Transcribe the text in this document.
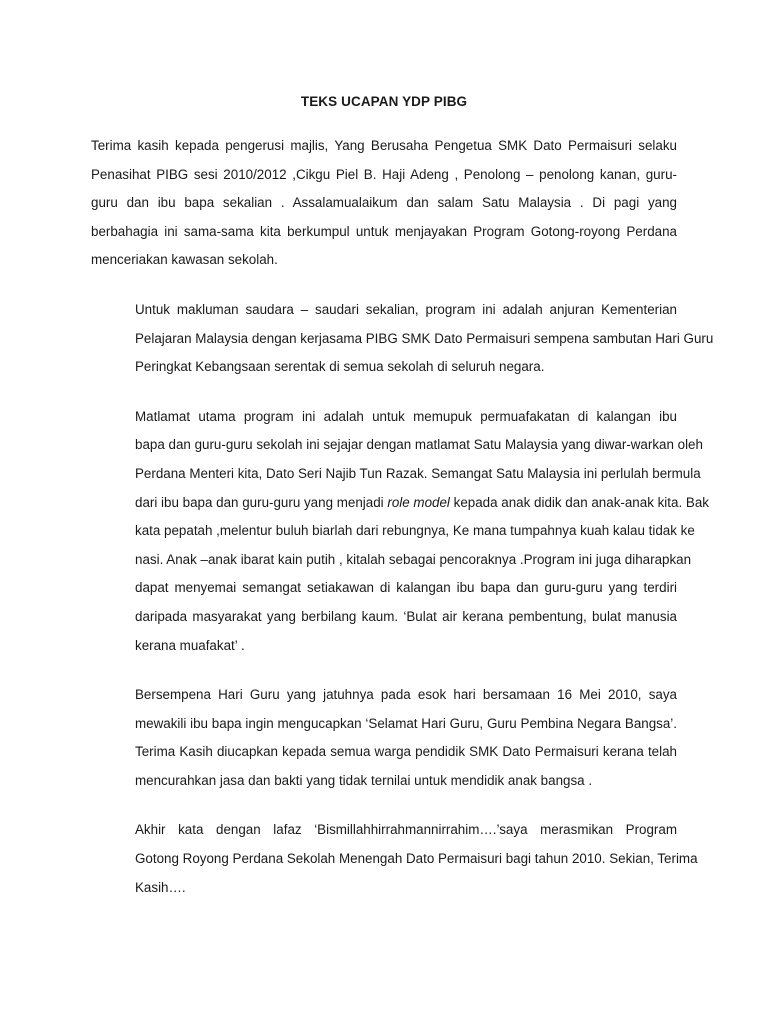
TEKS UCAPAN YDP PIBG
Terima kasih kepada pengerusi majlis, Yang Berusaha Pengetua SMK Dato Permaisuri selaku
Penasihat PIBG sesi 2010/2012 ,Cikgu Piel B. Haji Adeng , Penolong – penolong kanan, guru-
guru dan ibu bapa sekalian . Assalamualaikum dan salam Satu Malaysia . Di pagi yang
berbahagia ini sama-sama kita berkumpul untuk menjayakan Program Gotong-royong Perdana
menceriakan kawasan sekolah.
Untuk makluman saudara – saudari sekalian, program ini adalah anjuran Kementerian
Pelajaran Malaysia dengan kerjasama PIBG SMK Dato Permaisuri sempena sambutan Hari Guru
Peringkat Kebangsaan serentak di semua sekolah di seluruh negara.
Matlamat utama program ini adalah untuk memupuk permuafakatan di kalangan ibu
bapa dan guru-guru sekolah ini sejajar dengan matlamat Satu Malaysia yang diwar-warkan oleh
Perdana Menteri kita, Dato Seri Najib Tun Razak. Semangat Satu Malaysia ini perlulah bermula
dari ibu bapa dan guru-guru yang menjadi role model kepada anak didik dan anak-anak kita. Bak
kata pepatah ,melentur buluh biarlah dari rebungnya, Ke mana tumpahnya kuah kalau tidak ke
nasi. Anak –anak ibarat kain putih , kitalah sebagai pencoraknya .Program ini juga diharapkan
dapat menyemai semangat setiakawan di kalangan ibu bapa dan guru-guru yang terdiri
daripada masyarakat yang berbilang kaum. ‘Bulat air kerana pembentung, bulat manusia
kerana muafakat’ .
Bersempena Hari Guru yang jatuhnya pada esok hari bersamaan 16 Mei 2010, saya
mewakili ibu bapa ingin mengucapkan ‘Selamat Hari Guru, Guru Pembina Negara Bangsa’.
Terima Kasih diucapkan kepada semua warga pendidik SMK Dato Permaisuri kerana telah
mencurahkan jasa dan bakti yang tidak ternilai untuk mendidik anak bangsa .
Akhir kata dengan lafaz ‘Bismillahhirrahmannirrahim….’saya merasmikan Program
Gotong Royong Perdana Sekolah Menengah Dato Permaisuri bagi tahun 2010. Sekian, Terima
Kasih….
